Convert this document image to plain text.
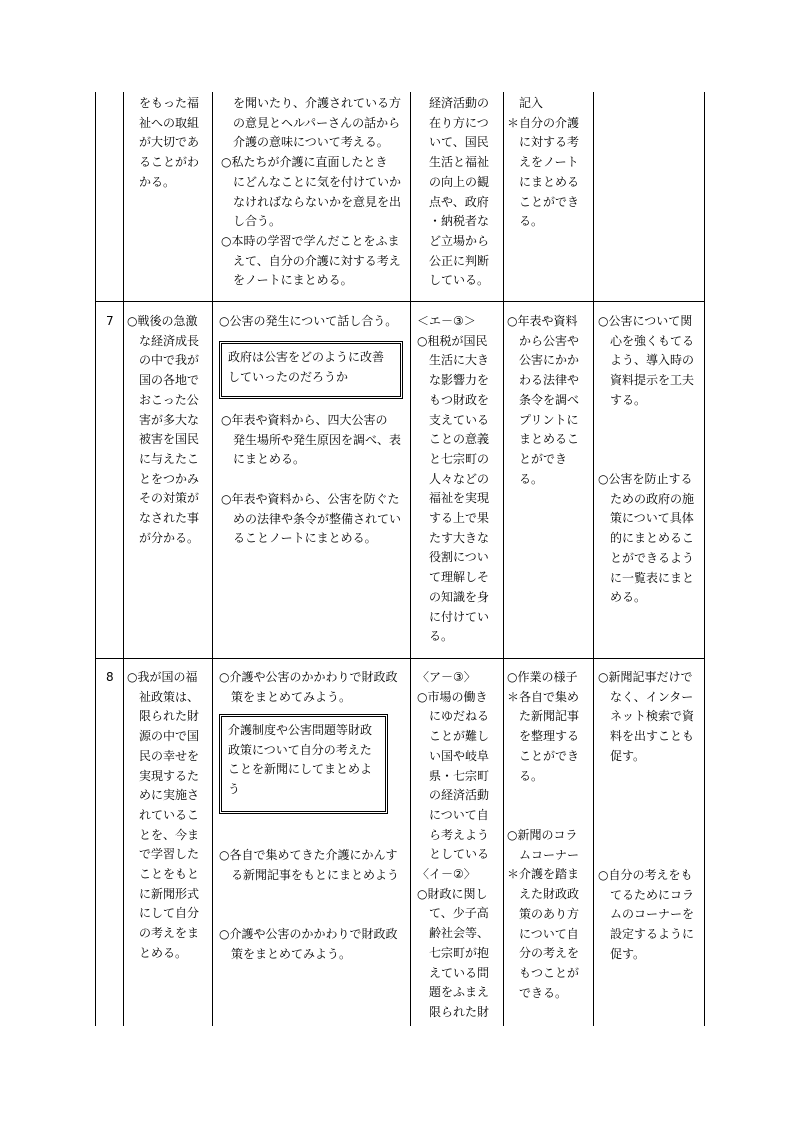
をもった福

祉への取組

が大切であ

ることがわ

かる。

を聞いたり、介護されている方

の意見とヘルパーさんの話から

介護の意味について考える。

○私たちが介護に直面したとき

にどんなことに気を付けていか

なければならないかを意見を出

し合う。

○本時の学習で学んだことをふま

えて、自分の介護に対する考え

をノートにまとめる。

経済活動の

在り方につ

いて、国民

生活と福祉

の向上の観

点や、政府

・納税者な

ど立場から

公正に判断

している。

記入

＊自分の介護

に対する考

えをノート

にまとめる

ことができ

る。

7 ○戦後の急激

な経済成長

の中で我が

国の各地で

おこった公

害が多大な

被害を国民

に与えたこ

とをつかみ

その対策が

なされた事

が分かる。

○公害の発生について話し合う。

政府は公害をどのように改善

していったのだろうか

○年表や資料から、四大公害の

発生場所や発生原因を調べ、表

にまとめる。

○年表や資料から、公害を防ぐた

めの法律や条令が整備されてい

ることノートにまとめる。

＜エ－③＞

○租税が国民

生活に大き

な影響力を

もつ財政を

支えている

ことの意義

と七宗町の

人々などの

福祉を実現

する上で果

たす大きな

役割につい

て理解しそ

の知識を身

に付けてい

る。

○年表や資料

から公害や

公害にかか

わる法律や

条令を調べ

プリントに

まとめるこ

とができ

る。

○公害について関

心を強くもてる

よう、導入時の

資料提示を工夫

する。

○公害を防止する

ための政府の施

策について具体

的にまとめるこ

とができるよう

に一覧表にまと

める。

8 ○我が国の福

祉政策は、

限られた財

源の中で国

民の幸せを

実現するた

めに実施さ

れているこ

とを、今ま

で学習した

ことをもと

に新聞形式

にして自分

の考えをま

とめる。

○介護や公害のかかわりで財政政

策をまとめてみよう。

介護制度や公害問題等財政

政策について自分の考えた

ことを新聞にしてまとめよ

う

○各自で集めてきた介護にかんす

る新聞記事をもとにまとめよう

○介護や公害のかかわりで財政政

策をまとめてみよう。

〈ア－③〉

○市場の働き

にゆだねる

ことが難し

い国や岐阜

県・七宗町

の経済活動

について自

ら考えよう

としている

〈イ－②〉

○財政に関し

て、少子高

齢社会等、

七宗町が抱

えている問

題をふまえ

限られた財

○作業の様子

＊各自で集め

た新聞記事

を整理する

ことができ

る。

○新聞のコラ

ムコーナー

＊介護を踏ま

えた財政政

策のあり方

について自

分の考えを

もつことが

できる。

○新聞記事だけで

なく、インター

ネット検索で資

料を出すことも

促す。

○自分の考えをも

てるためにコラ

ムのコーナーを

設定するように

促す。
